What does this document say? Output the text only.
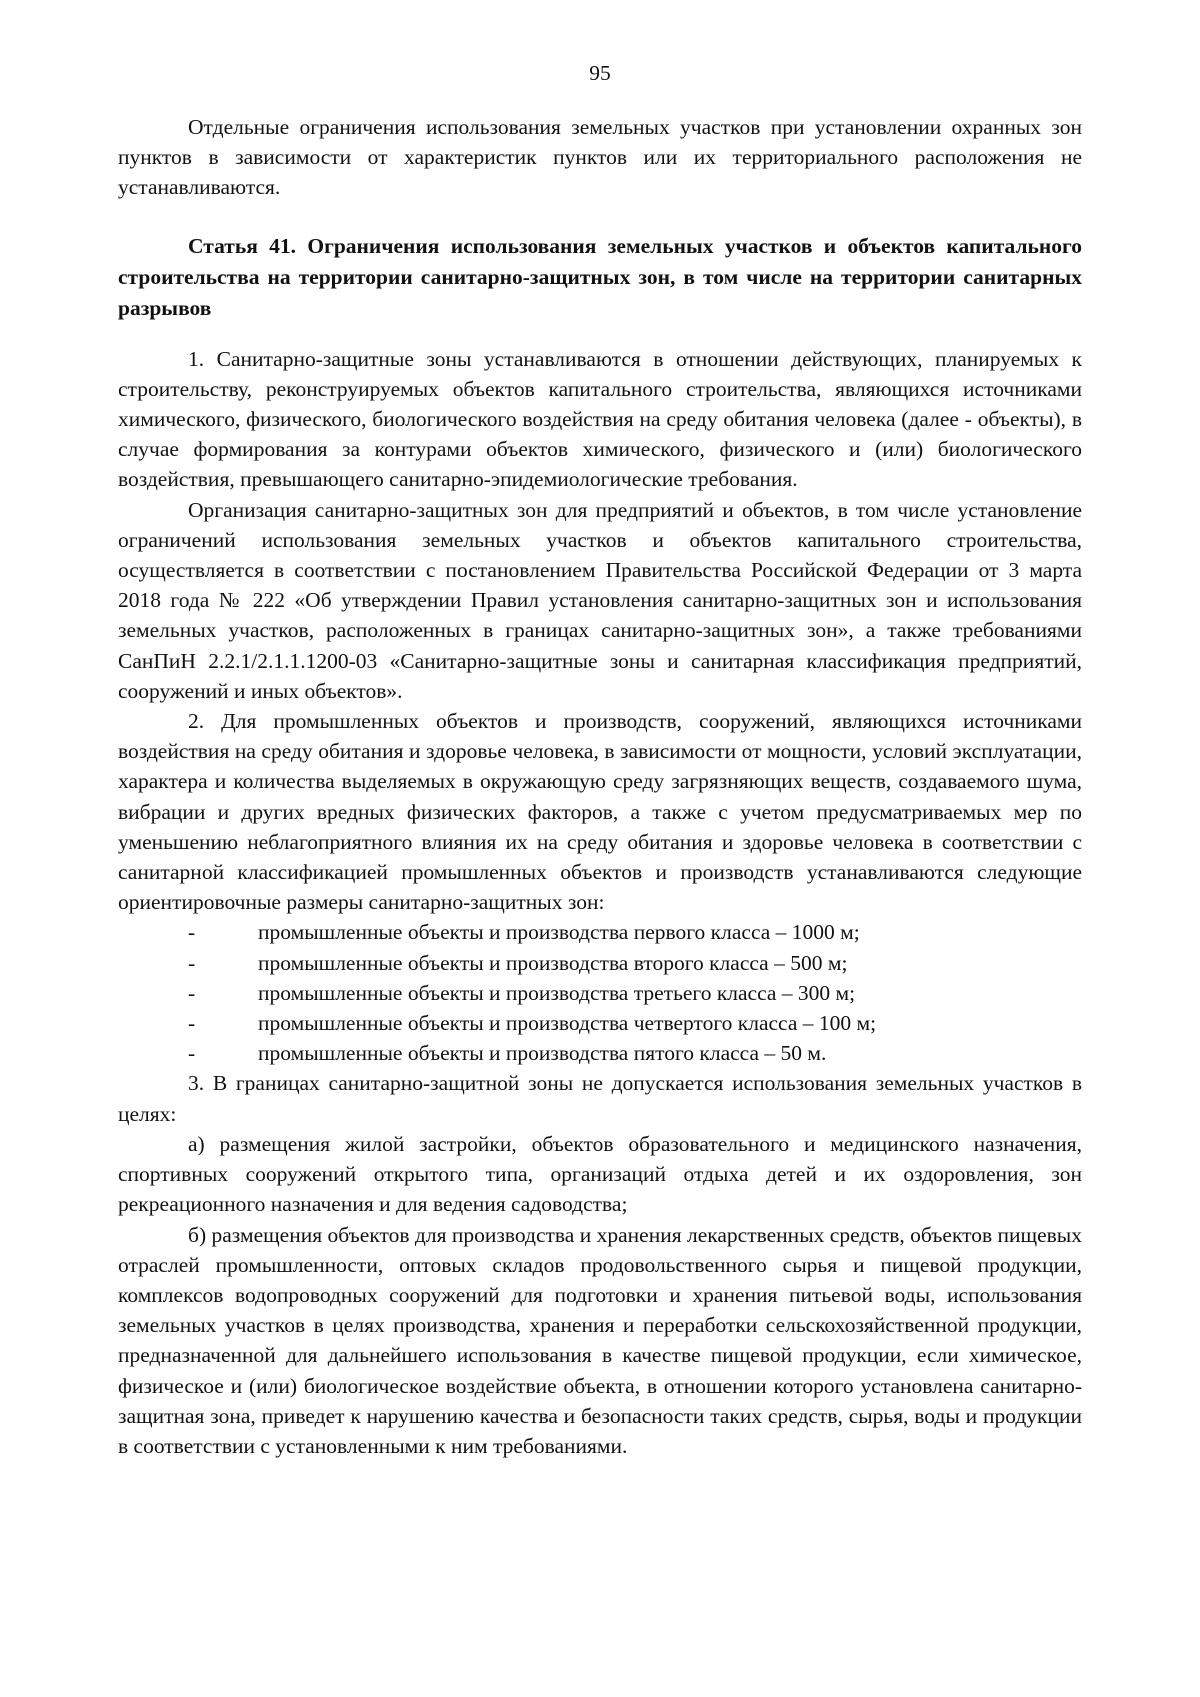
95

Отдельные ограничения использования земельных участков при установлении охранных зон пунктов в зависимости от характеристик пунктов или их территориального расположения не устанавливаются.

Статья 41. Ограничения использования земельных участков и объектов капитального строительства на территории санитарно-защитных зон, в том числе на территории санитарных разрывов

1. Санитарно-защитные зоны устанавливаются в отношении действующих, планируемых к строительству, реконструируемых объектов капитального строительства, являющихся источниками химического, физического, биологического воздействия на среду обитания человека (далее - объекты), в случае формирования за контурами объектов химического, физического и (или) биологического воздействия, превышающего санитарно-эпидемиологические требования.

Организация санитарно-защитных зон для предприятий и объектов, в том числе установление ограничений использования земельных участков и объектов капитального строительства, осуществляется в соответствии с постановлением Правительства Российской Федерации от 3 марта 2018 года № 222 «Об утверждении Правил установления санитарно-защитных зон и использования земельных участков, расположенных в границах санитарно-защитных зон», а также требованиями СанПиН 2.2.1/2.1.1.1200-03 «Санитарно-защитные зоны и санитарная классификация предприятий, сооружений и иных объектов».

2. Для промышленных объектов и производств, сооружений, являющихся источниками воздействия на среду обитания и здоровье человека, в зависимости от мощности, условий эксплуатации, характера и количества выделяемых в окружающую среду загрязняющих веществ, создаваемого шума, вибрации и других вредных физических факторов, а также с учетом предусматриваемых мер по уменьшению неблагоприятного влияния их на среду обитания и здоровье человека в соответствии с санитарной классификацией промышленных объектов и производств устанавливаются следующие ориентировочные размеры санитарно-защитных зон:

-	промышленные объекты и производства первого класса – 1000 м;
-	промышленные объекты и производства второго класса – 500 м;
-	промышленные объекты и производства третьего класса – 300 м;
-	промышленные объекты и производства четвертого класса – 100 м;
-	промышленные объекты и производства пятого класса – 50 м.

3. В границах санитарно-защитной зоны не допускается использования земельных участков в целях:

а) размещения жилой застройки, объектов образовательного и медицинского назначения, спортивных сооружений открытого типа, организаций отдыха детей и их оздоровления, зон рекреационного назначения и для ведения садоводства;

б) размещения объектов для производства и хранения лекарственных средств, объектов пищевых отраслей промышленности, оптовых складов продовольственного сырья и пищевой продукции, комплексов водопроводных сооружений для подготовки и хранения питьевой воды, использования земельных участков в целях производства, хранения и переработки сельскохозяйственной продукции, предназначенной для дальнейшего использования в качестве пищевой продукции, если химическое, физическое и (или) биологическое воздействие объекта, в отношении которого установлена санитарно-защитная зона, приведет к нарушению качества и безопасности таких средств, сырья, воды и продукции в соответствии с установленными к ним требованиями.
